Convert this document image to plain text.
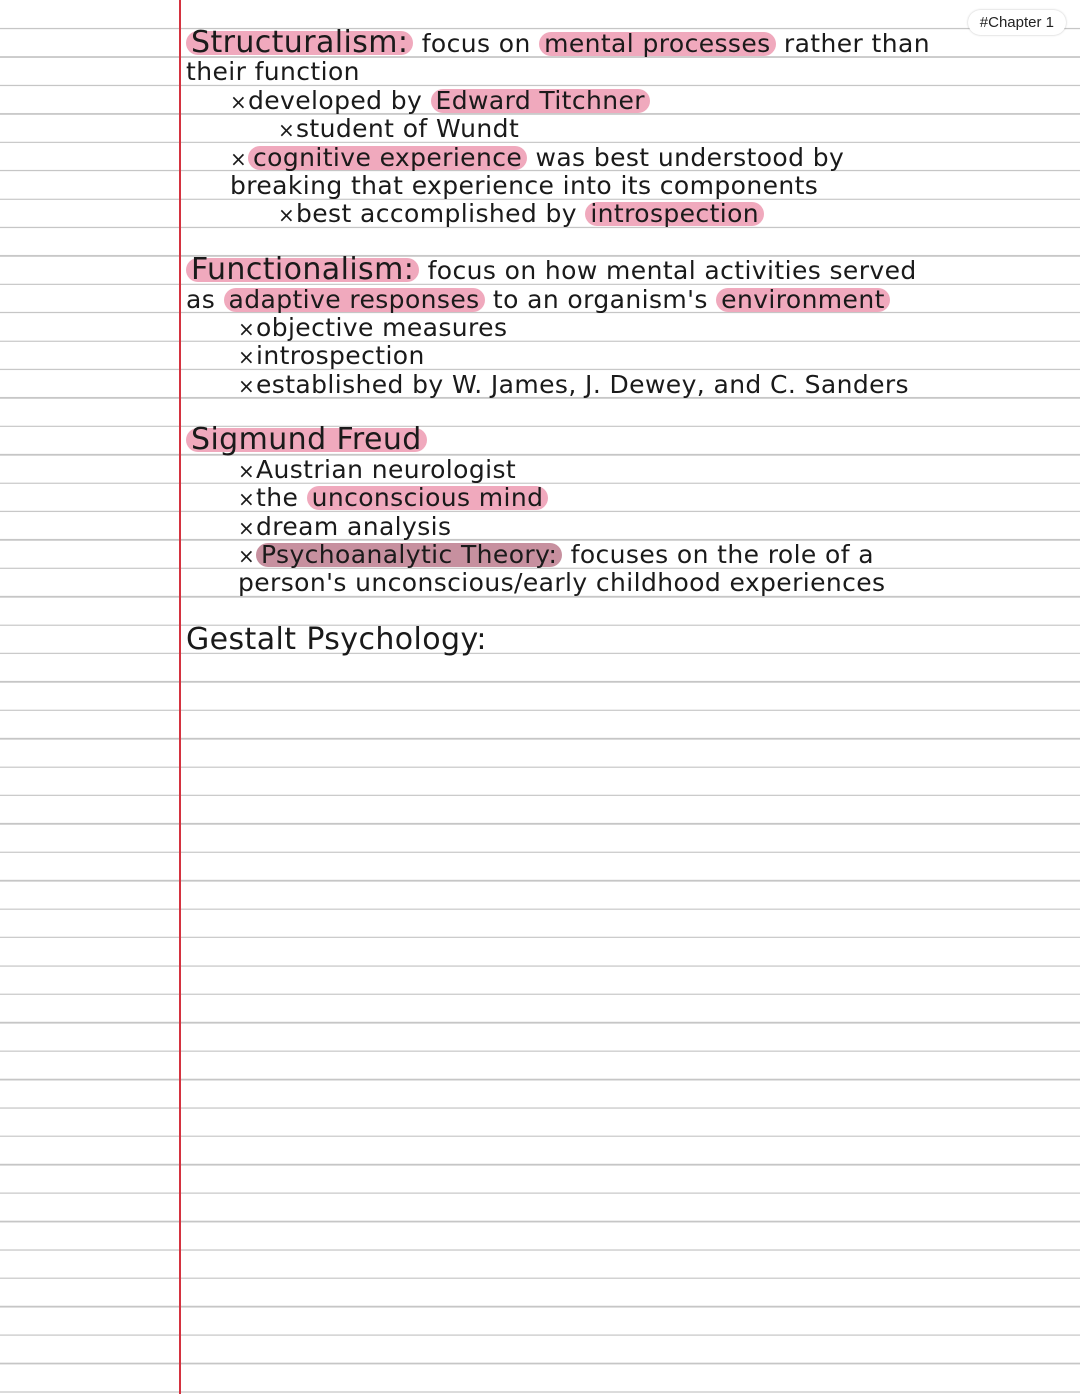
#Chapter 1
Structuralism: focus on mental processes rather than
their function
×developed by Edward Titchner
×student of Wundt
× cognitive experience was best understood by
breaking that experience into its components
×best accomplished by introspection
Functionalism: focus on how mental activities served
as adaptive responses to an organism's environment
×objective measures
×introspection
×established by W. James, J. Dewey, and C. Sanders
Sigmund Freud
×Austrian neurologist
×the unconscious mind
×dream analysis
× Psychoanalytic Theory: focuses on the role of a
person's unconscious/early childhood experiences
Gestalt Psychology:
